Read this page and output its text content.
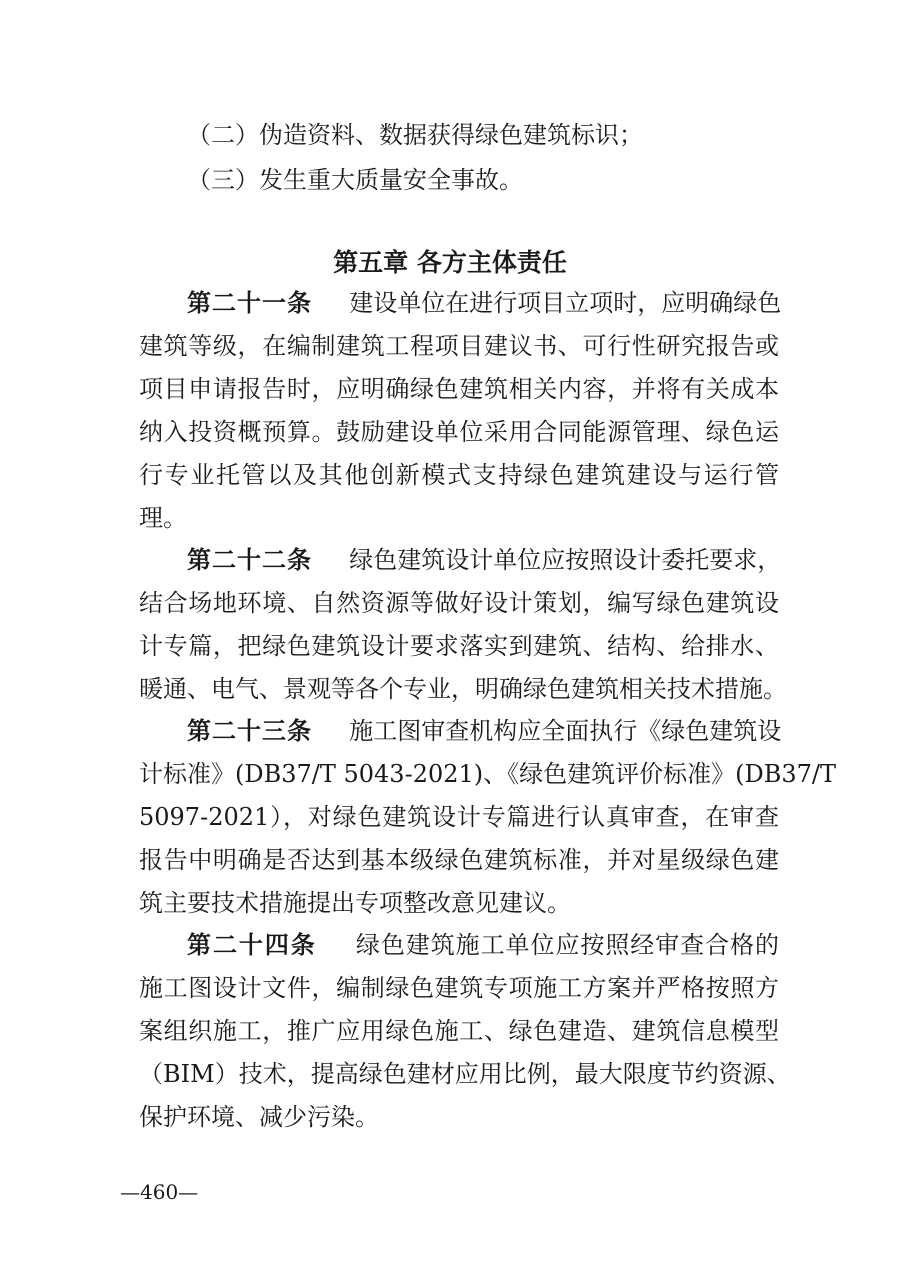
（二）伪造资料、数据获得绿色建筑标识；
（三）发生重大质量安全事故。
第五章 各方主体责任
第二十一条 建设单位在进行项目立项时，应明确绿色
建筑等级，在编制建筑工程项目建议书、可行性研究报告或
项目申请报告时，应明确绿色建筑相关内容，并将有关成本
纳入投资概预算。鼓励建设单位采用合同能源管理、绿色运
行专业托管以及其他创新模式支持绿色建筑建设与运行管
理。
第二十二条 绿色建筑设计单位应按照设计委托要求，
结合场地环境、自然资源等做好设计策划，编写绿色建筑设
计专篇，把绿色建筑设计要求落实到建筑、结构、给排水、
暖通、电气、景观等各个专业，明确绿色建筑相关技术措施。
第二十三条 施工图审查机构应全面执行《绿色建筑设
计标准》(DB37/T 5043-2021)、《绿色建筑评价标准》(DB37/T
5097-2021），对绿色建筑设计专篇进行认真审查，在审查
报告中明确是否达到基本级绿色建筑标准，并对星级绿色建
筑主要技术措施提出专项整改意见建议。
第二十四条 绿色建筑施工单位应按照经审查合格的
施工图设计文件，编制绿色建筑专项施工方案并严格按照方
案组织施工，推广应用绿色施工、绿色建造、建筑信息模型
（BIM）技术，提高绿色建材应用比例，最大限度节约资源、
保护环境、减少污染。
—460—
